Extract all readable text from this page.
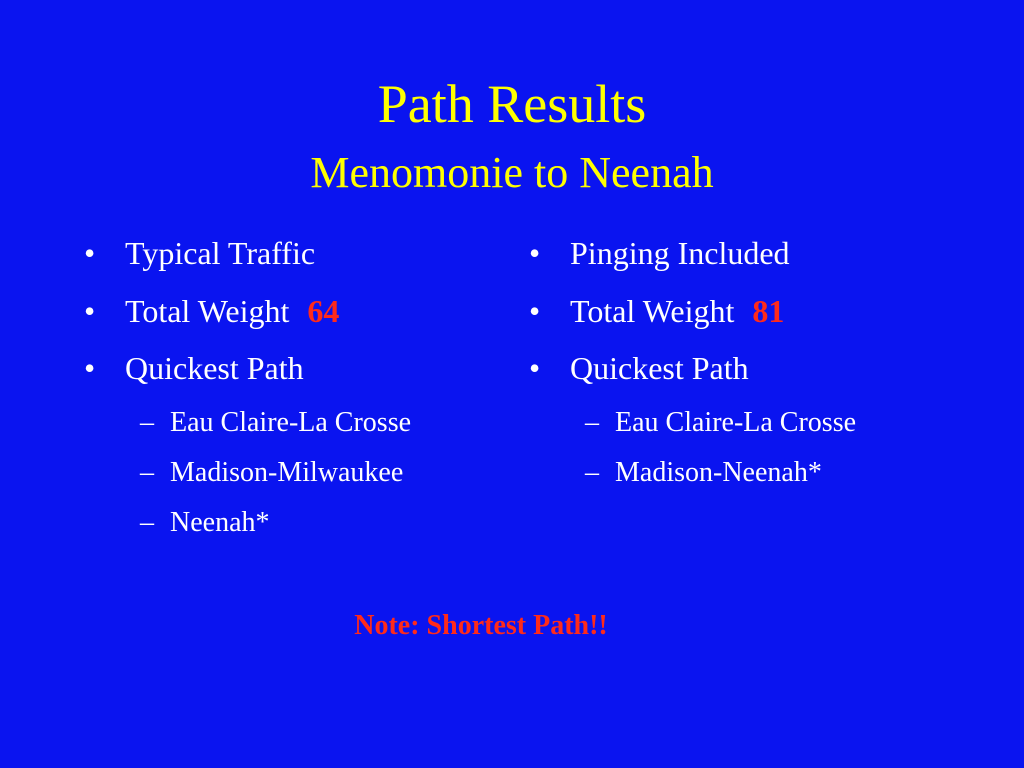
Path Results
Menomonie to Neenah
• Typical Traffic
• Total Weight 64
• Quickest Path
– Eau Claire-La Crosse
– Madison-Milwaukee
– Neenah*
• Pinging Included
• Total Weight 81
• Quickest Path
– Eau Claire-La Crosse
– Madison-Neenah*
Note: Shortest Path!!
